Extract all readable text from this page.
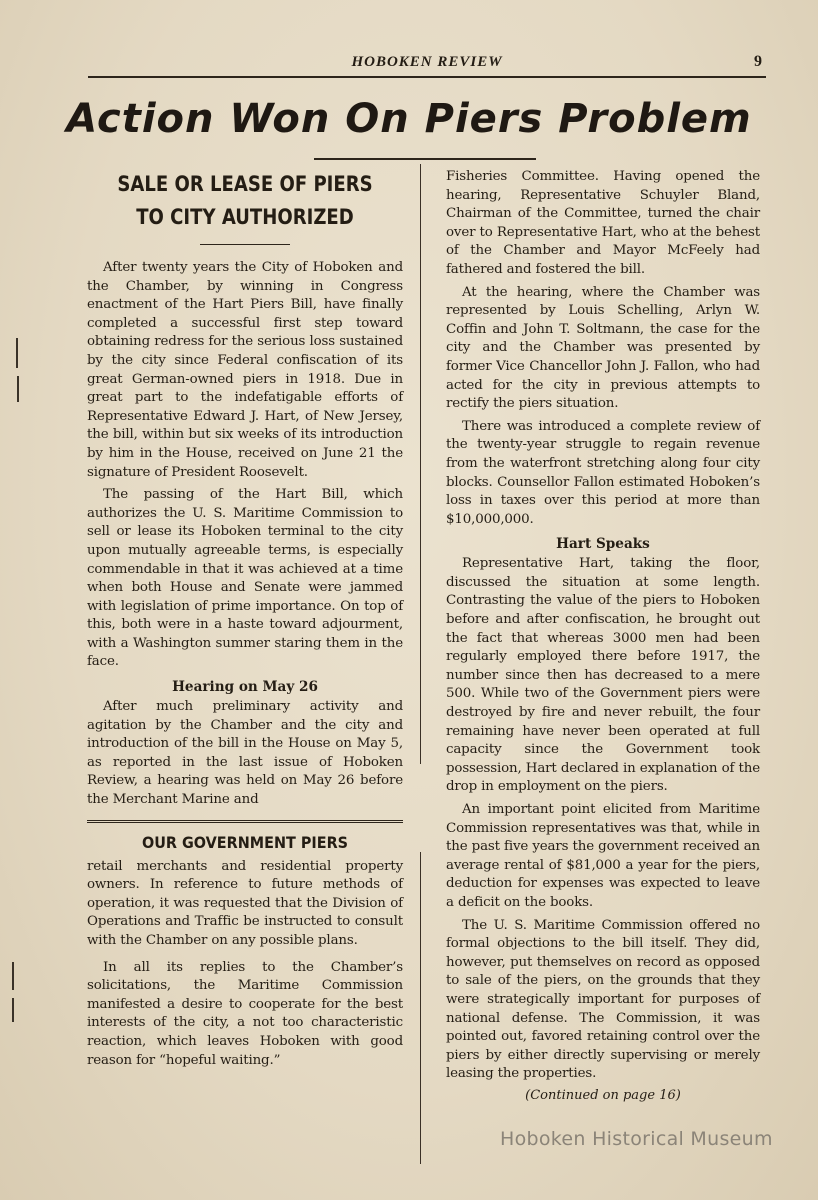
HOBOKEN REVIEW	9
Action Won On Piers Problem
SALE OR LEASE OF PIERS
TO CITY AUTHORIZED

After twenty years the City of Hoboken and the Chamber, by winning in Congress enactment of the Hart Piers Bill, have finally completed a successful first step toward obtaining redress for the serious loss sustained by the city since Federal confiscation of its great German-owned piers in 1918. Due in great part to the indefatigable efforts of Representative Edward J. Hart, of New Jersey, the bill, within but six weeks of its introduction by him in the House, received on June 21 the signature of President Roosevelt.

The passing of the Hart Bill, which authorizes the U. S. Maritime Commission to sell or lease its Hoboken terminal to the city upon mutually agreeable terms, is especially commendable in that it was achieved at a time when both House and Senate were jammed with legislation of prime importance. On top of this, both were in a haste toward adjourment, with a Washington summer staring them in the face.

Hearing on May 26

After much preliminary activity and agitation by the Chamber and the city and introduction of the bill in the House on May 5, as reported in the last issue of Hoboken Review, a hearing was held on May 26 before the Merchant Marine and

OUR GOVERNMENT PIERS

retail merchants and residential property owners. In reference to future methods of operation, it was requested that the Division of Operations and Traffic be instructed to consult with the Chamber on any possible plans.

In all its replies to the Chamber’s solicitations, the Maritime Commission manifested a desire to cooperate for the best interests of the city, a not too characteristic reaction, which leaves Hoboken with good reason for “hopeful waiting.”

Fisheries Committee. Having opened the hearing, Representative Schuyler Bland, Chairman of the Committee, turned the chair over to Representative Hart, who at the behest of the Chamber and Mayor McFeely had fathered and fostered the bill.

At the hearing, where the Chamber was represented by Louis Schelling, Arlyn W. Coffin and John T. Soltmann, the case for the city and the Chamber was presented by former Vice Chancellor John J. Fallon, who had acted for the city in previous attempts to rectify the piers situation.

There was introduced a complete review of the twenty-year struggle to regain revenue from the waterfront stretching along four city blocks. Counsellor Fallon estimated Hoboken’s loss in taxes over this period at more than $10,000,000.

Hart Speaks

Representative Hart, taking the floor, discussed the situation at some length. Contrasting the value of the piers to Hoboken before and after confiscation, he brought out the fact that whereas 3000 men had been regularly employed there before 1917, the number since then has decreased to a mere 500. While two of the Government piers were destroyed by fire and never rebuilt, the four remaining have never been operated at full capacity since the Government took possession, Hart declared in explanation of the drop in employment on the piers.

An important point elicited from Maritime Commission representatives was that, while in the past five years the government received an average rental of $81,000 a year for the piers, deduction for expenses was expected to leave a deficit on the books.

The U. S. Maritime Commission offered no formal objections to the bill itself. They did, however, put themselves on record as opposed to sale of the piers, on the grounds that they were strategically important for purposes of national defense. The Commission, it was pointed out, favored retaining control over the piers by either directly supervising or merely leasing the properties.

(Continued on page 16)
Hoboken Historical Museum
